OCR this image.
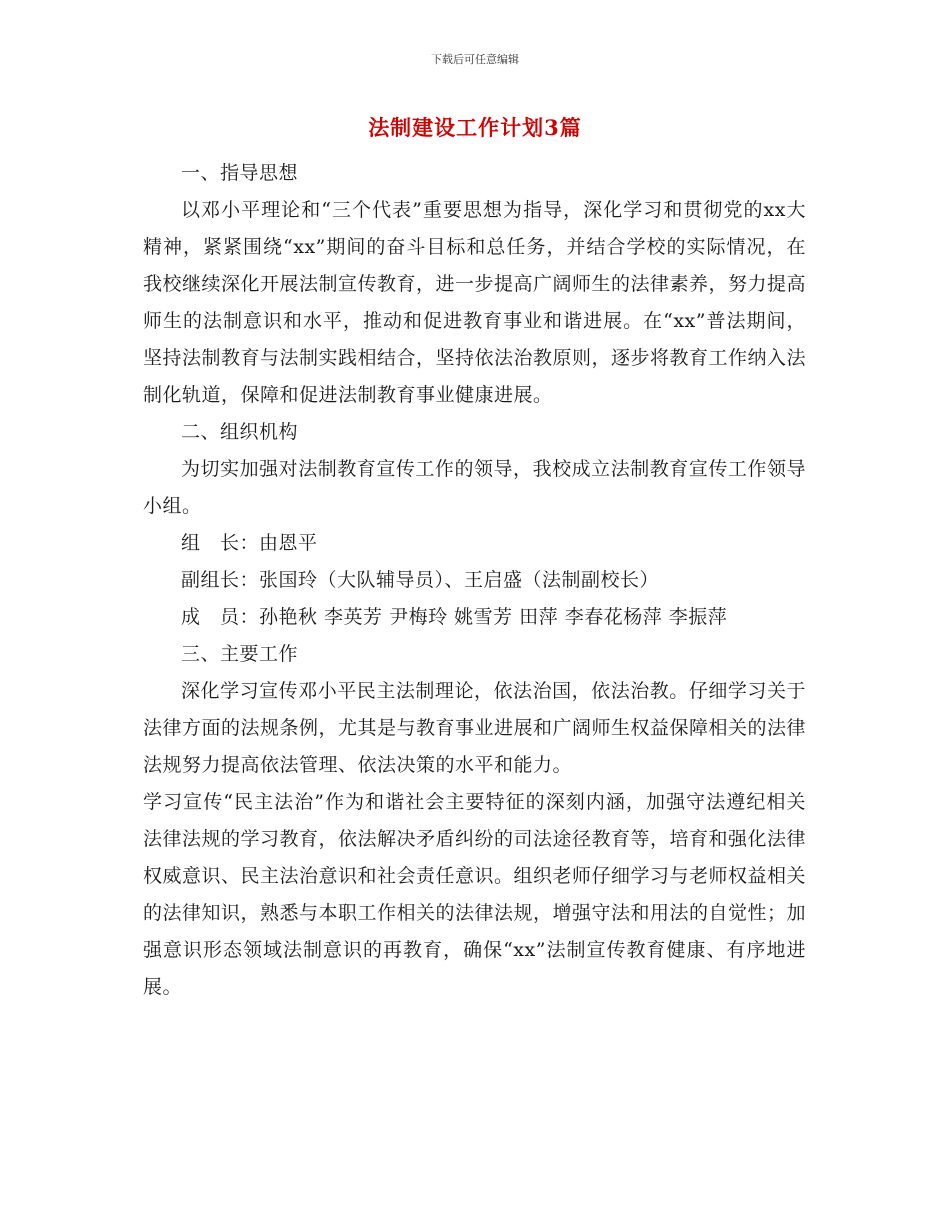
下载后可任意编辑
法制建设工作计划3篇

一、指导思想

以邓小平理论和“三个代表”重要思想为指导，深化学习和贯彻党的xx大精神，紧紧围绕“xx”期间的奋斗目标和总任务，并结合学校的实际情况，在我校继续深化开展法制宣传教育，进一步提高广阔师生的法律素养，努力提高师生的法制意识和水平，推动和促进教育事业和谐进展。在“xx”普法期间，坚持法制教育与法制实践相结合，坚持依法治教原则，逐步将教育工作纳入法制化轨道，保障和促进法制教育事业健康进展。

二、组织机构

为切实加强对法制教育宣传工作的领导，我校成立法制教育宣传工作领导小组。

组　长：由恩平

副组长：张国玲（大队辅导员）、王启盛（法制副校长）

成　员：孙艳秋 李英芳 尹梅玲 姚雪芳 田萍 李春花杨萍 李振萍

三、主要工作

深化学习宣传邓小平民主法制理论，依法治国，依法治教。仔细学习关于法律方面的法规条例，尤其是与教育事业进展和广阔师生权益保障相关的法律法规努力提高依法管理、依法决策的水平和能力。

学习宣传“民主法治”作为和谐社会主要特征的深刻内涵，加强守法遵纪相关法律法规的学习教育，依法解决矛盾纠纷的司法途径教育等，培育和强化法律权威意识、民主法治意识和社会责任意识。组织老师仔细学习与老师权益相关的法律知识，熟悉与本职工作相关的法律法规，增强守法和用法的自觉性；加强意识形态领域法制意识的再教育，确保“xx”法制宣传教育健康、有序地进展。
